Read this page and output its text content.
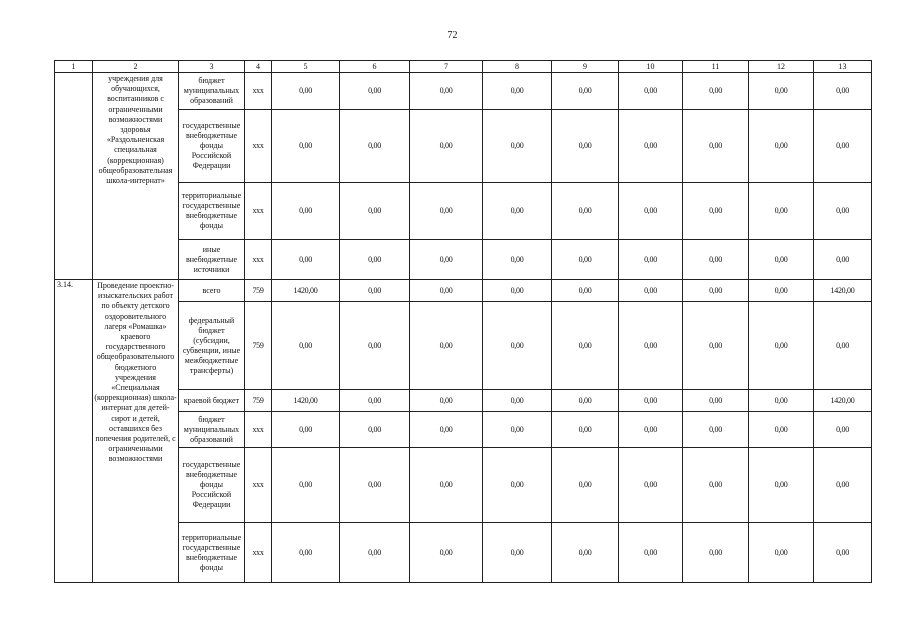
72
1	2	3	4	5	6	7	8	9	10	11	12	13
	учреждения для обучающихся, воспитанников с ограниченными возможностями здоровья «Раздольненская специальная (коррекционная) общеобразовательная школа-интернат»	бюджет муниципальных образований	ххх	0,00	0,00	0,00	0,00	0,00	0,00	0,00	0,00	0,00
		государственные внебюджетные фонды Российской Федерации	ххх	0,00	0,00	0,00	0,00	0,00	0,00	0,00	0,00	0,00
		территориальные государственные внебюджетные фонды	ххх	0,00	0,00	0,00	0,00	0,00	0,00	0,00	0,00	0,00
		иные внебюджетные источники	ххх	0,00	0,00	0,00	0,00	0,00	0,00	0,00	0,00	0,00
3.14.	Проведение проектно-изыскательских работ по объекту детского оздоровительного лагеря «Ромашка» краевого государственного общеобразовательного бюджетного учреждения «Специальная (коррекционная) школа-интернат для детей-сирот и детей, оставшихся без попечения родителей, с ограниченными возможностями	всего	759	1420,00	0,00	0,00	0,00	0,00	0,00	0,00	0,00	1420,00
		федеральный бюджет (субсидии, субвенции, иные межбюджетные трансферты)	759	0,00	0,00	0,00	0,00	0,00	0,00	0,00	0,00	0,00
		краевой бюджет	759	1420,00	0,00	0,00	0,00	0,00	0,00	0,00	0,00	1420,00
		бюджет муниципальных образований	ххх	0,00	0,00	0,00	0,00	0,00	0,00	0,00	0,00	0,00
		государственные внебюджетные фонды Российской Федерации	ххх	0,00	0,00	0,00	0,00	0,00	0,00	0,00	0,00	0,00
		территориальные государственные внебюджетные фонды	ххх	0,00	0,00	0,00	0,00	0,00	0,00	0,00	0,00	0,00
